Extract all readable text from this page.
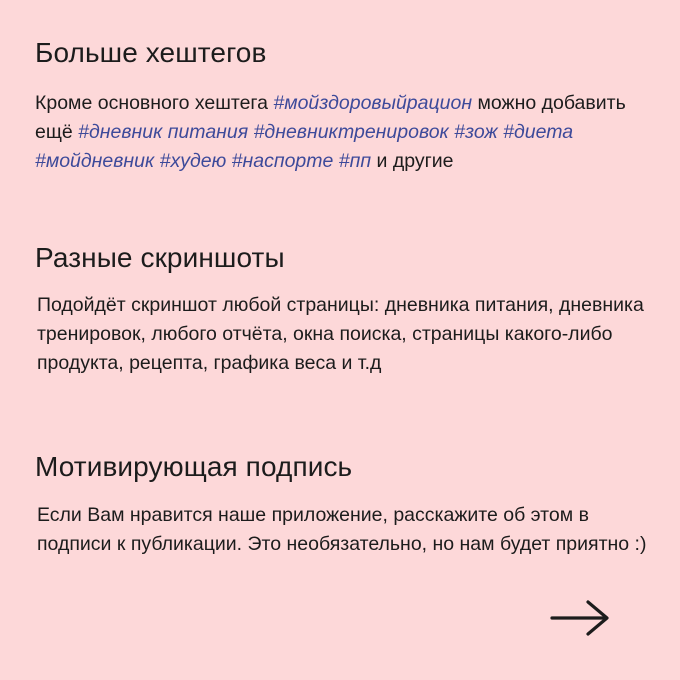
Больше хештегов

Кроме основного хештега #мойздоровыйрацион можно добавить ещё #дневник питания #дневниктренировок #зож #диета #мойдневник #худею #наспорте #пп и другие

Разные скриншоты

Подойдёт скриншот любой страницы: дневника питания, дневника тренировок, любого отчёта, окна поиска, страницы какого-либо продукта, рецепта, графика веса и т.д

Мотивирующая подпись

Если Вам нравится наше приложение, расскажите об этом в подписи к публикации. Это необязательно, но нам будет приятно :)
